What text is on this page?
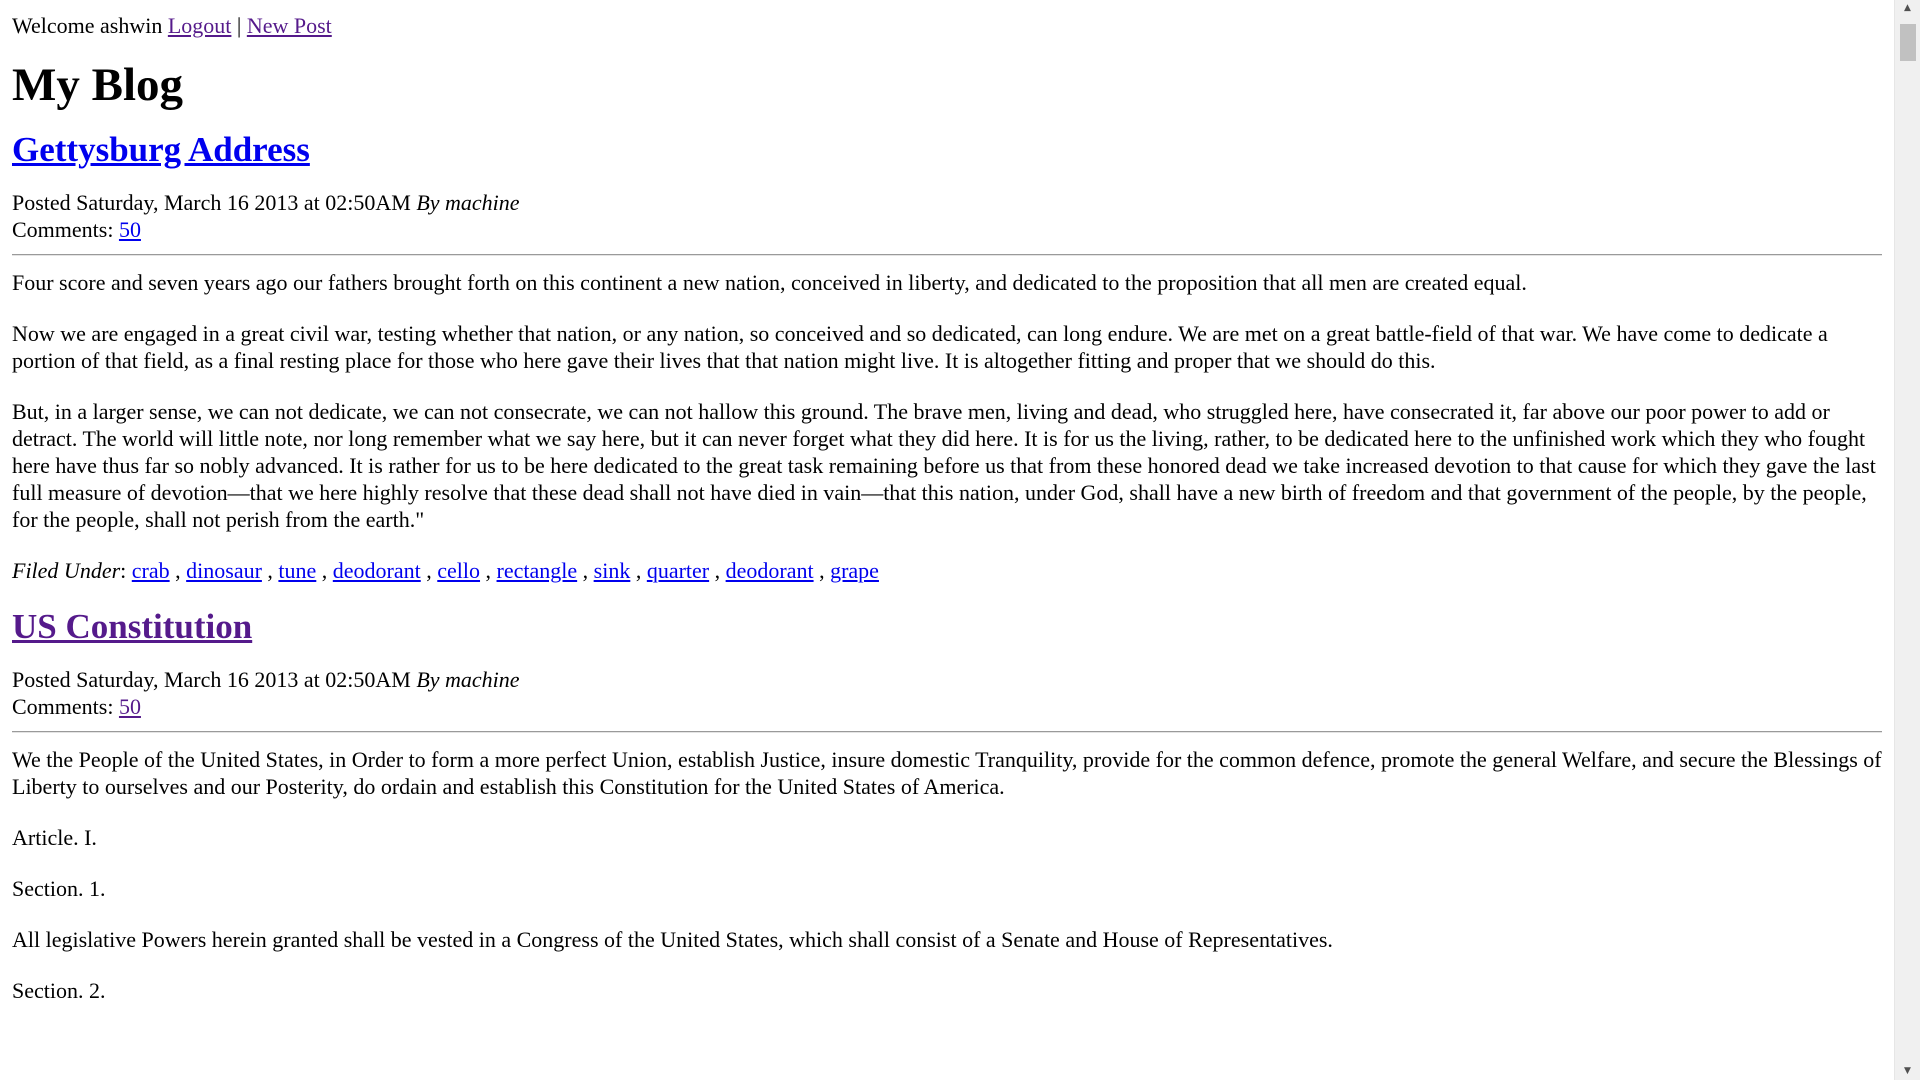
Welcome ashwin Logout | New Post
My Blog
Gettysburg Address
Posted Saturday, March 16 2013 at 02:50AM By machine
Comments: 50

Four score and seven years ago our fathers brought forth on this continent a new nation, conceived in liberty, and dedicated to the proposition that all men are created equal.

Now we are engaged in a great civil war, testing whether that nation, or any nation, so conceived and so dedicated, can long endure. We are met on a great battle-field of that war. We have come to dedicate a portion of that field, as a final resting place for those who here gave their lives that that nation might live. It is altogether fitting and proper that we should do this.

But, in a larger sense, we can not dedicate, we can not consecrate, we can not hallow this ground. The brave men, living and dead, who struggled here, have consecrated it, far above our poor power to add or detract. The world will little note, nor long remember what we say here, but it can never forget what they did here. It is for us the living, rather, to be dedicated here to the unfinished work which they who fought here have thus far so nobly advanced. It is rather for us to be here dedicated to the great task remaining before us that from these honored dead we take increased devotion to that cause for which they gave the last full measure of devotion—that we here highly resolve that these dead shall not have died in vain—that this nation, under God, shall have a new birth of freedom and that government of the people, by the people, for the people, shall not perish from the earth."

Filed Under: crab , dinosaur , tune , deodorant , cello , rectangle , sink , quarter , deodorant , grape
US Constitution
Posted Saturday, March 16 2013 at 02:50AM By machine
Comments: 50

We the People of the United States, in Order to form a more perfect Union, establish Justice, insure domestic Tranquility, provide for the common defence, promote the general Welfare, and secure the Blessings of Liberty to ourselves and our Posterity, do ordain and establish this Constitution for the United States of America.

Article. I.

Section. 1.

All legislative Powers herein granted shall be vested in a Congress of the United States, which shall consist of a Senate and House of Representatives.

Section. 2.

▲
▼
